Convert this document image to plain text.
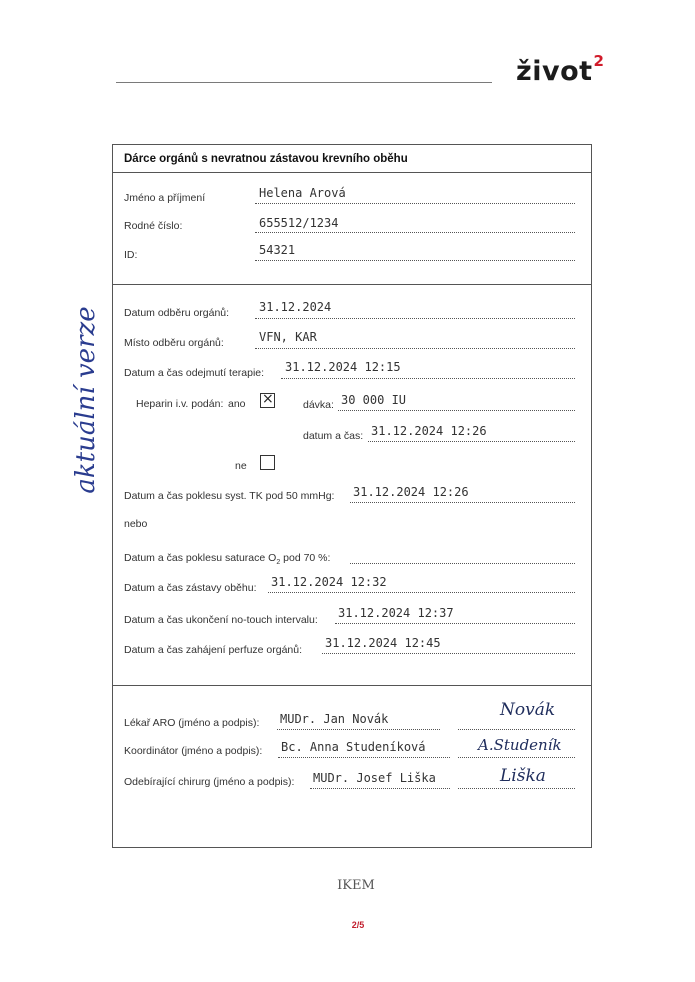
život$^2$
aktuální verze
Dárce orgánů s nevratnou zástavou krevního oběhu
Jméno a příjmení	Helena Arová
Rodné číslo:	655512/1234
ID:	54321
Datum odběru orgánů: 31.12.2024
Místo odběru orgánů:	VFN, KAR
Datum a čas odejmutí terapie: 31.12.2024 12:15
Heparin i.v. podán: ano ×	dávka: 30 000 IU
datum a čas: 31.12.2024 12:26
ne
Datum a čas poklesu syst. TK pod 50 mmHg: 31.12.2024 12:26
nebo
Datum a čas poklesu saturace $O_2$ pod 70 %:
Datum a čas zástavy oběhu: 31.12.2024 12:32
Datum a čas ukončení no-touch intervalu: 31.12.2024 12:37
Datum a čas zahájení perfuze orgánů: 31.12.2024 12:45
Lékař ARO (jméno a podpis): MUDr. Jan Novák	Novák
Koordinátor (jméno a podpis): Bc. Anna Studeníková	A.Studeník
Odebírající chirurg (jméno a podpis): MUDr. Josef Liška	Liška
IKEM
2/5
